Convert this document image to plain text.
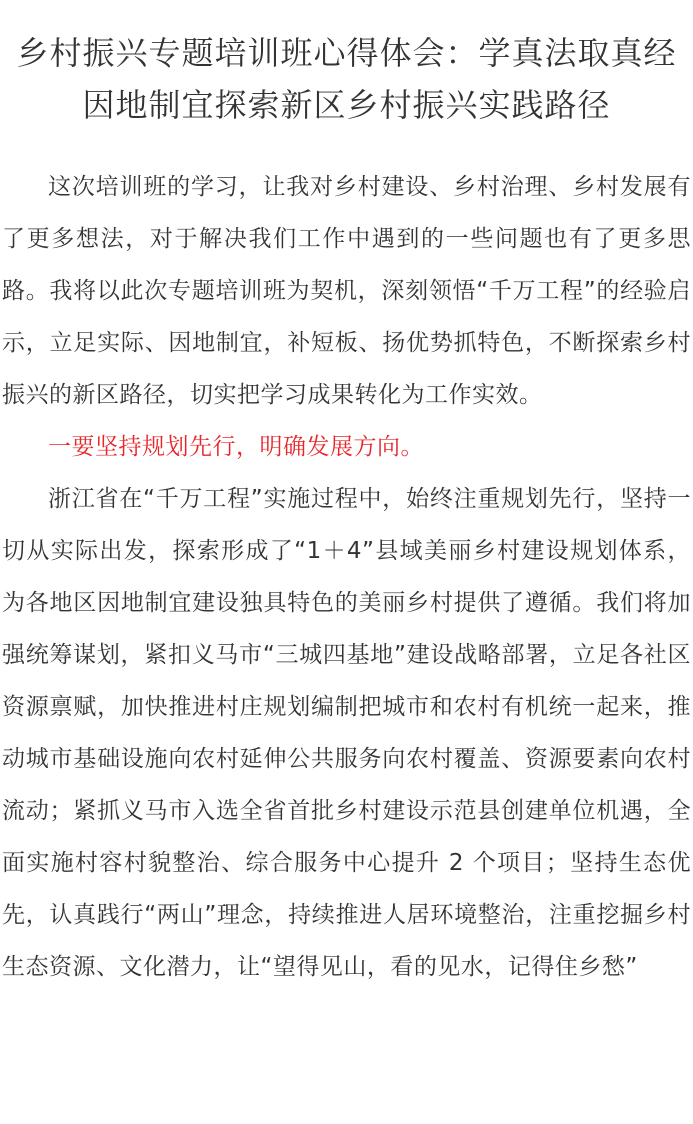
乡村振兴专题培训班心得体会：学真法取真经因地制宜探索新区乡村振兴实践路径

这次培训班的学习，让我对乡村建设、乡村治理、乡村发展有了更多想法，对于解决我们工作中遇到的一些问题也有了更多思路。我将以此次专题培训班为契机，深刻领悟“千万工程”的经验启示，立足实际、因地制宜，补短板、扬优势抓特色，不断探索乡村振兴的新区路径，切实把学习成果转化为工作实效。

一要坚持规划先行，明确发展方向。

浙江省在“千万工程”实施过程中，始终注重规划先行，坚持一切从实际出发，探索形成了“1＋4”县域美丽乡村建设规划体系，为各地区因地制宜建设独具特色的美丽乡村提供了遵循。我们将加强统筹谋划，紧扣义马市“三城四基地”建设战略部署，立足各社区资源禀赋，加快推进村庄规划编制把城市和农村有机统一起来，推动城市基础设施向农村延伸公共服务向农村覆盖、资源要素向农村流动；紧抓义马市入选全省首批乡村建设示范县创建单位机遇，全面实施村容村貌整治、综合服务中心提升 2 个项目；坚持生态优先，认真践行“两山”理念，持续推进人居环境整治，注重挖掘乡村生态资源、文化潜力，让“望得见山，看的见水，记得住乡愁”
